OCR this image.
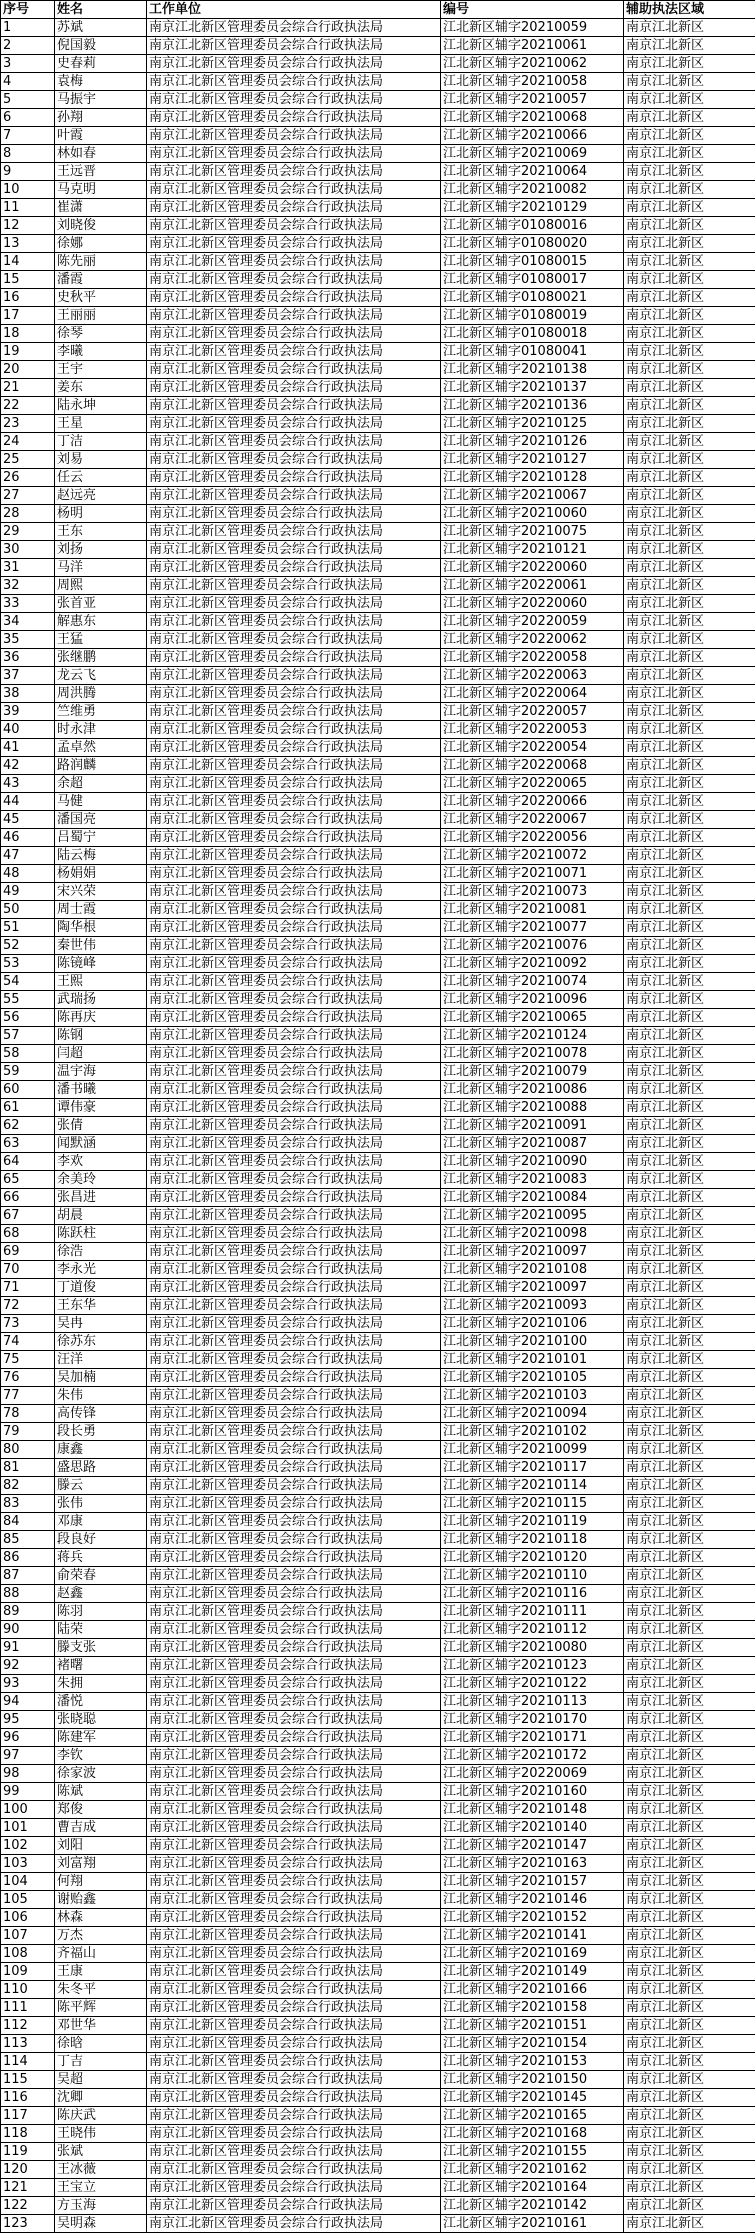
序号	姓名	工作单位	编号	辅助执法区域
1	苏斌	南京江北新区管理委员会综合行政执法局	江北新区辅字20210059	南京江北新区
2	倪国毅	南京江北新区管理委员会综合行政执法局	江北新区辅字20210061	南京江北新区
3	史春莉	南京江北新区管理委员会综合行政执法局	江北新区辅字20210062	南京江北新区
4	袁梅	南京江北新区管理委员会综合行政执法局	江北新区辅字20210058	南京江北新区
5	马振宇	南京江北新区管理委员会综合行政执法局	江北新区辅字20210057	南京江北新区
6	孙翔	南京江北新区管理委员会综合行政执法局	江北新区辅字20210068	南京江北新区
7	叶霞	南京江北新区管理委员会综合行政执法局	江北新区辅字20210066	南京江北新区
8	林如春	南京江北新区管理委员会综合行政执法局	江北新区辅字20210069	南京江北新区
9	王远晋	南京江北新区管理委员会综合行政执法局	江北新区辅字20210064	南京江北新区
10	马克明	南京江北新区管理委员会综合行政执法局	江北新区辅字20210082	南京江北新区
11	崔潇	南京江北新区管理委员会综合行政执法局	江北新区辅字20210129	南京江北新区
12	刘晓俊	南京江北新区管理委员会综合行政执法局	江北新区辅字01080016	南京江北新区
13	徐娜	南京江北新区管理委员会综合行政执法局	江北新区辅字01080020	南京江北新区
14	陈先丽	南京江北新区管理委员会综合行政执法局	江北新区辅字01080015	南京江北新区
15	潘霞	南京江北新区管理委员会综合行政执法局	江北新区辅字01080017	南京江北新区
16	史秋平	南京江北新区管理委员会综合行政执法局	江北新区辅字01080021	南京江北新区
17	王丽丽	南京江北新区管理委员会综合行政执法局	江北新区辅字01080019	南京江北新区
18	徐琴	南京江北新区管理委员会综合行政执法局	江北新区辅字01080018	南京江北新区
19	李曦	南京江北新区管理委员会综合行政执法局	江北新区辅字01080041	南京江北新区
20	王宇	南京江北新区管理委员会综合行政执法局	江北新区辅字20210138	南京江北新区
21	姜东	南京江北新区管理委员会综合行政执法局	江北新区辅字20210137	南京江北新区
22	陆永坤	南京江北新区管理委员会综合行政执法局	江北新区辅字20210136	南京江北新区
23	王星	南京江北新区管理委员会综合行政执法局	江北新区辅字20210125	南京江北新区
24	丁洁	南京江北新区管理委员会综合行政执法局	江北新区辅字20210126	南京江北新区
25	刘易	南京江北新区管理委员会综合行政执法局	江北新区辅字20210127	南京江北新区
26	任云	南京江北新区管理委员会综合行政执法局	江北新区辅字20210128	南京江北新区
27	赵远亮	南京江北新区管理委员会综合行政执法局	江北新区辅字20210067	南京江北新区
28	杨明	南京江北新区管理委员会综合行政执法局	江北新区辅字20210060	南京江北新区
29	王东	南京江北新区管理委员会综合行政执法局	江北新区辅字20210075	南京江北新区
30	刘扬	南京江北新区管理委员会综合行政执法局	江北新区辅字20210121	南京江北新区
31	马洋	南京江北新区管理委员会综合行政执法局	江北新区辅字20220060	南京江北新区
32	周熙	南京江北新区管理委员会综合行政执法局	江北新区辅字20220061	南京江北新区
33	张首亚	南京江北新区管理委员会综合行政执法局	江北新区辅字20220060	南京江北新区
34	解惠东	南京江北新区管理委员会综合行政执法局	江北新区辅字20220059	南京江北新区
35	王猛	南京江北新区管理委员会综合行政执法局	江北新区辅字20220062	南京江北新区
36	张继鹏	南京江北新区管理委员会综合行政执法局	江北新区辅字20220058	南京江北新区
37	龙云飞	南京江北新区管理委员会综合行政执法局	江北新区辅字20220063	南京江北新区
38	周洪腾	南京江北新区管理委员会综合行政执法局	江北新区辅字20220064	南京江北新区
39	竺维勇	南京江北新区管理委员会综合行政执法局	江北新区辅字20220057	南京江北新区
40	时永津	南京江北新区管理委员会综合行政执法局	江北新区辅字20220053	南京江北新区
41	孟卓然	南京江北新区管理委员会综合行政执法局	江北新区辅字20220054	南京江北新区
42	路润麟	南京江北新区管理委员会综合行政执法局	江北新区辅字20220068	南京江北新区
43	余超	南京江北新区管理委员会综合行政执法局	江北新区辅字20220065	南京江北新区
44	马健	南京江北新区管理委员会综合行政执法局	江北新区辅字20220066	南京江北新区
45	潘国亮	南京江北新区管理委员会综合行政执法局	江北新区辅字20220067	南京江北新区
46	吕蜀宁	南京江北新区管理委员会综合行政执法局	江北新区辅字20220056	南京江北新区
47	陆云梅	南京江北新区管理委员会综合行政执法局	江北新区辅字20210072	南京江北新区
48	杨娟娟	南京江北新区管理委员会综合行政执法局	江北新区辅字20210071	南京江北新区
49	宋兴荣	南京江北新区管理委员会综合行政执法局	江北新区辅字20210073	南京江北新区
50	周士霞	南京江北新区管理委员会综合行政执法局	江北新区辅字20210081	南京江北新区
51	陶华根	南京江北新区管理委员会综合行政执法局	江北新区辅字20210077	南京江北新区
52	秦世伟	南京江北新区管理委员会综合行政执法局	江北新区辅字20210076	南京江北新区
53	陈镜峰	南京江北新区管理委员会综合行政执法局	江北新区辅字20210092	南京江北新区
54	王熙	南京江北新区管理委员会综合行政执法局	江北新区辅字20210074	南京江北新区
55	武瑞扬	南京江北新区管理委员会综合行政执法局	江北新区辅字20210096	南京江北新区
56	陈再庆	南京江北新区管理委员会综合行政执法局	江北新区辅字20210065	南京江北新区
57	陈钢	南京江北新区管理委员会综合行政执法局	江北新区辅字20210124	南京江北新区
58	闫超	南京江北新区管理委员会综合行政执法局	江北新区辅字20210078	南京江北新区
59	温宇海	南京江北新区管理委员会综合行政执法局	江北新区辅字20210079	南京江北新区
60	潘书曦	南京江北新区管理委员会综合行政执法局	江北新区辅字20210086	南京江北新区
61	谭伟豪	南京江北新区管理委员会综合行政执法局	江北新区辅字20210088	南京江北新区
62	张倩	南京江北新区管理委员会综合行政执法局	江北新区辅字20210091	南京江北新区
63	闻默涵	南京江北新区管理委员会综合行政执法局	江北新区辅字20210087	南京江北新区
64	李欢	南京江北新区管理委员会综合行政执法局	江北新区辅字20210090	南京江北新区
65	余美玲	南京江北新区管理委员会综合行政执法局	江北新区辅字20210083	南京江北新区
66	张昌进	南京江北新区管理委员会综合行政执法局	江北新区辅字20210084	南京江北新区
67	胡晨	南京江北新区管理委员会综合行政执法局	江北新区辅字20210095	南京江北新区
68	陈跃柱	南京江北新区管理委员会综合行政执法局	江北新区辅字20210098	南京江北新区
69	徐浩	南京江北新区管理委员会综合行政执法局	江北新区辅字20210097	南京江北新区
70	李永光	南京江北新区管理委员会综合行政执法局	江北新区辅字20210108	南京江北新区
71	丁道俊	南京江北新区管理委员会综合行政执法局	江北新区辅字20210097	南京江北新区
72	王东华	南京江北新区管理委员会综合行政执法局	江北新区辅字20210093	南京江北新区
73	吴冉	南京江北新区管理委员会综合行政执法局	江北新区辅字20210106	南京江北新区
74	徐苏东	南京江北新区管理委员会综合行政执法局	江北新区辅字20210100	南京江北新区
75	汪洋	南京江北新区管理委员会综合行政执法局	江北新区辅字20210101	南京江北新区
76	吴加楠	南京江北新区管理委员会综合行政执法局	江北新区辅字20210105	南京江北新区
77	朱伟	南京江北新区管理委员会综合行政执法局	江北新区辅字20210103	南京江北新区
78	高传锋	南京江北新区管理委员会综合行政执法局	江北新区辅字20210094	南京江北新区
79	段长勇	南京江北新区管理委员会综合行政执法局	江北新区辅字20210102	南京江北新区
80	康鑫	南京江北新区管理委员会综合行政执法局	江北新区辅字20210099	南京江北新区
81	盛思路	南京江北新区管理委员会综合行政执法局	江北新区辅字20210117	南京江北新区
82	滕云	南京江北新区管理委员会综合行政执法局	江北新区辅字20210114	南京江北新区
83	张伟	南京江北新区管理委员会综合行政执法局	江北新区辅字20210115	南京江北新区
84	邓康	南京江北新区管理委员会综合行政执法局	江北新区辅字20210119	南京江北新区
85	段良好	南京江北新区管理委员会综合行政执法局	江北新区辅字20210118	南京江北新区
86	蒋兵	南京江北新区管理委员会综合行政执法局	江北新区辅字20210120	南京江北新区
87	俞荣春	南京江北新区管理委员会综合行政执法局	江北新区辅字20210110	南京江北新区
88	赵鑫	南京江北新区管理委员会综合行政执法局	江北新区辅字20210116	南京江北新区
89	陈羽	南京江北新区管理委员会综合行政执法局	江北新区辅字20210111	南京江北新区
90	陆荣	南京江北新区管理委员会综合行政执法局	江北新区辅字20210112	南京江北新区
91	滕支张	南京江北新区管理委员会综合行政执法局	江北新区辅字20210080	南京江北新区
92	褚曙	南京江北新区管理委员会综合行政执法局	江北新区辅字20210123	南京江北新区
93	朱拥	南京江北新区管理委员会综合行政执法局	江北新区辅字20210122	南京江北新区
94	潘悦	南京江北新区管理委员会综合行政执法局	江北新区辅字20210113	南京江北新区
95	张晓聪	南京江北新区管理委员会综合行政执法局	江北新区辅字20210170	南京江北新区
96	陈建军	南京江北新区管理委员会综合行政执法局	江北新区辅字20210171	南京江北新区
97	李钦	南京江北新区管理委员会综合行政执法局	江北新区辅字20210172	南京江北新区
98	徐家波	南京江北新区管理委员会综合行政执法局	江北新区辅字20220069	南京江北新区
99	陈斌	南京江北新区管理委员会综合行政执法局	江北新区辅字20210160	南京江北新区
100	郑俊	南京江北新区管理委员会综合行政执法局	江北新区辅字20210148	南京江北新区
101	曹吉成	南京江北新区管理委员会综合行政执法局	江北新区辅字20210140	南京江北新区
102	刘阳	南京江北新区管理委员会综合行政执法局	江北新区辅字20210147	南京江北新区
103	刘富翔	南京江北新区管理委员会综合行政执法局	江北新区辅字20210163	南京江北新区
104	何翔	南京江北新区管理委员会综合行政执法局	江北新区辅字20210157	南京江北新区
105	谢贻鑫	南京江北新区管理委员会综合行政执法局	江北新区辅字20210146	南京江北新区
106	林森	南京江北新区管理委员会综合行政执法局	江北新区辅字20210152	南京江北新区
107	万杰	南京江北新区管理委员会综合行政执法局	江北新区辅字20210141	南京江北新区
108	齐福山	南京江北新区管理委员会综合行政执法局	江北新区辅字20210169	南京江北新区
109	王康	南京江北新区管理委员会综合行政执法局	江北新区辅字20210149	南京江北新区
110	朱冬平	南京江北新区管理委员会综合行政执法局	江北新区辅字20210166	南京江北新区
111	陈平辉	南京江北新区管理委员会综合行政执法局	江北新区辅字20210158	南京江北新区
112	邓世华	南京江北新区管理委员会综合行政执法局	江北新区辅字20210151	南京江北新区
113	徐晗	南京江北新区管理委员会综合行政执法局	江北新区辅字20210154	南京江北新区
114	丁吉	南京江北新区管理委员会综合行政执法局	江北新区辅字20210153	南京江北新区
115	吴超	南京江北新区管理委员会综合行政执法局	江北新区辅字20210150	南京江北新区
116	沈卿	南京江北新区管理委员会综合行政执法局	江北新区辅字20210145	南京江北新区
117	陈庆武	南京江北新区管理委员会综合行政执法局	江北新区辅字20210165	南京江北新区
118	王晓伟	南京江北新区管理委员会综合行政执法局	江北新区辅字20210168	南京江北新区
119	张斌	南京江北新区管理委员会综合行政执法局	江北新区辅字20210155	南京江北新区
120	王冰薇	南京江北新区管理委员会综合行政执法局	江北新区辅字20210162	南京江北新区
121	王宝立	南京江北新区管理委员会综合行政执法局	江北新区辅字20210164	南京江北新区
122	方玉海	南京江北新区管理委员会综合行政执法局	江北新区辅字20210142	南京江北新区
123	吴明森	南京江北新区管理委员会综合行政执法局	江北新区辅字20210161	南京江北新区
